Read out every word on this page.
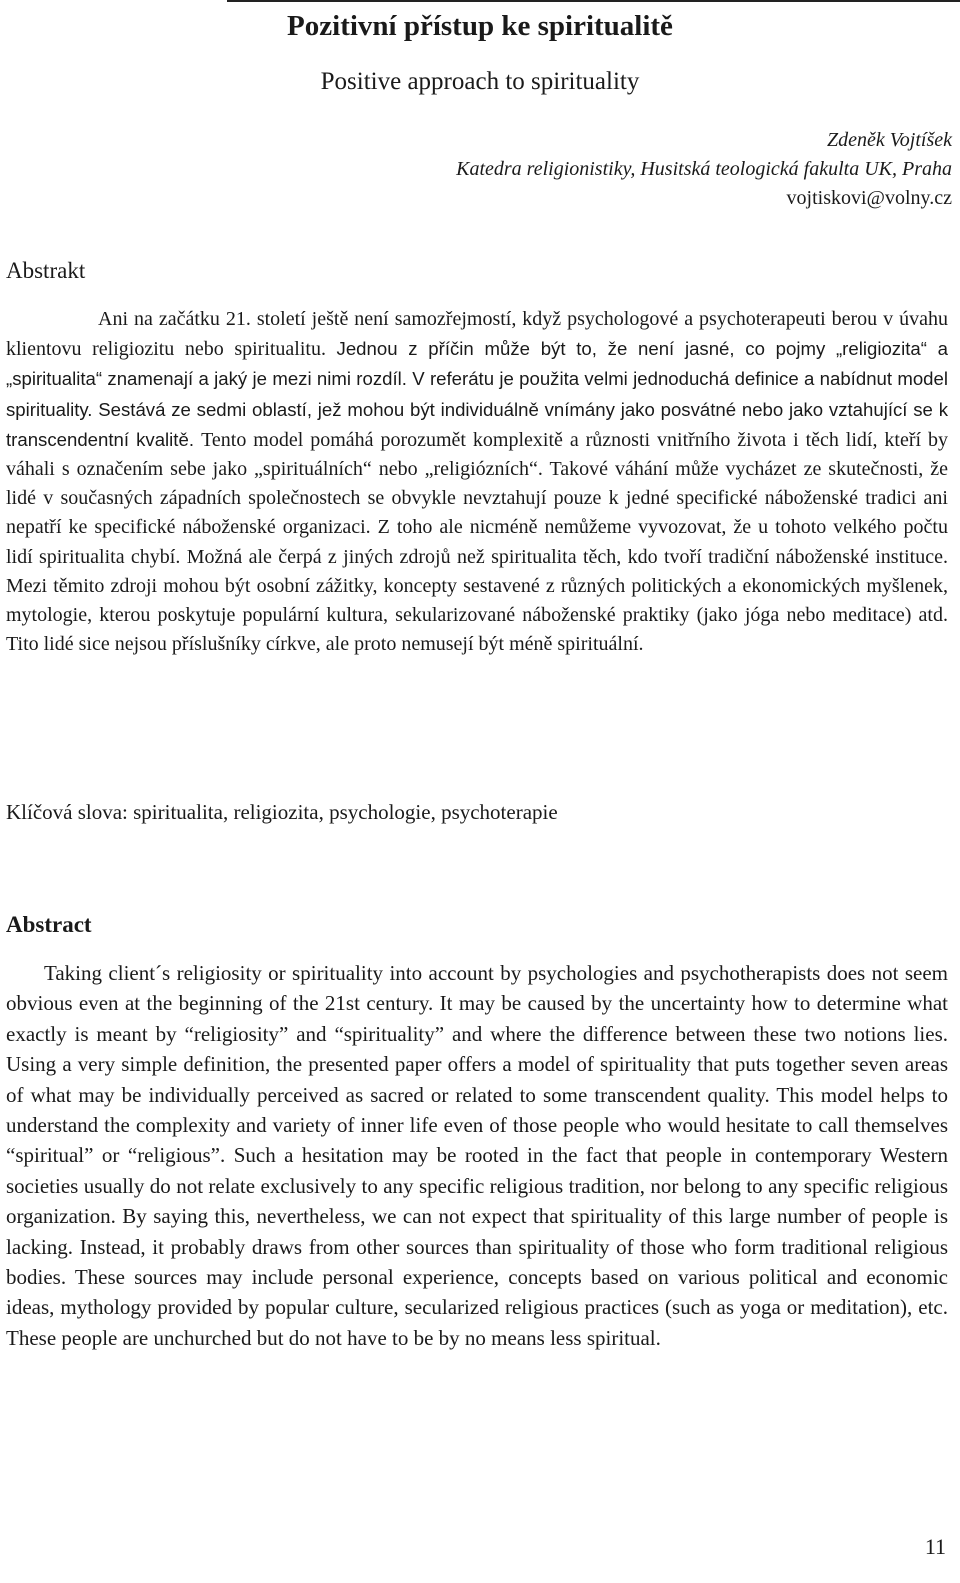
Pozitivní přístup ke spiritualitě
Positive approach to spirituality
Zdeněk Vojtíšek
Katedra religionistiky, Husitská teologická fakulta UK, Praha
vojtiskovi@volny.cz
Abstrakt

Ani na začátku 21. století ještě není samozřejmostí, když psychologové a psychoterapeuti berou v úvahu klientovu religiozitu nebo spiritualitu. Jednou z příčin může být to, že není jasné, co pojmy „religiozita“ a „spiritualita“ znamenají a jaký je mezi nimi rozdíl. V referátu je použita velmi jednoduchá definice a nabídnut model spirituality. Sestává ze sedmi oblastí, jež mohou být individuálně vnímány jako posvátné nebo jako vztahující se k transcendentní kvalitě. Tento model pomáhá porozumět komplexitě a různosti vnitřního života i těch lidí, kteří by váhali s označením sebe jako „spirituálních“ nebo „religiózních“. Takové váhání může vycházet ze skutečnosti, že lidé v současných západních společnostech se obvykle nevztahují pouze k jedné specifické náboženské tradici ani nepatří ke specifické náboženské organizaci. Z toho ale nicméně nemůžeme vyvozovat, že u tohoto velkého počtu lidí spiritualita chybí. Možná ale čerpá z jiných zdrojů než spiritualita těch, kdo tvoří tradiční náboženské instituce. Mezi těmito zdroji mohou být osobní zážitky, koncepty sestavené z různých politických a ekonomických myšlenek, mytologie, kterou poskytuje populární kultura, sekularizované náboženské praktiky (jako jóga nebo meditace) atd. Tito lidé sice nejsou příslušníky církve, ale proto nemusejí být méně spirituální.

Klíčová slova: spiritualita, religiozita, psychologie, psychoterapie

Abstract

Taking client´s religiosity or spirituality into account by psychologies and psychotherapists does not seem obvious even at the beginning of the 21st century. It may be caused by the uncertainty how to determine what exactly is meant by “religiosity” and “spirituality” and where the difference between these two notions lies. Using a very simple definition, the presented paper offers a model of spirituality that puts together seven areas of what may be individually perceived as sacred or related to some transcendent quality. This model helps to understand the complexity and variety of inner life even of those people who would hesitate to call themselves “spiritual” or “religious”. Such a hesitation may be rooted in the fact that people in contemporary Western societies usually do not relate exclusively to any specific religious tradition, nor belong to any specific religious organization. By saying this, nevertheless, we can not expect that spirituality of this large number of people is lacking. Instead, it probably draws from other sources than spirituality of those who form traditional religious bodies. These sources may include personal experience, concepts based on various political and economic ideas, mythology provided by popular culture, secularized religious practices (such as yoga or meditation), etc. These people are unchurched but do not have to be by no means less spiritual.

11
